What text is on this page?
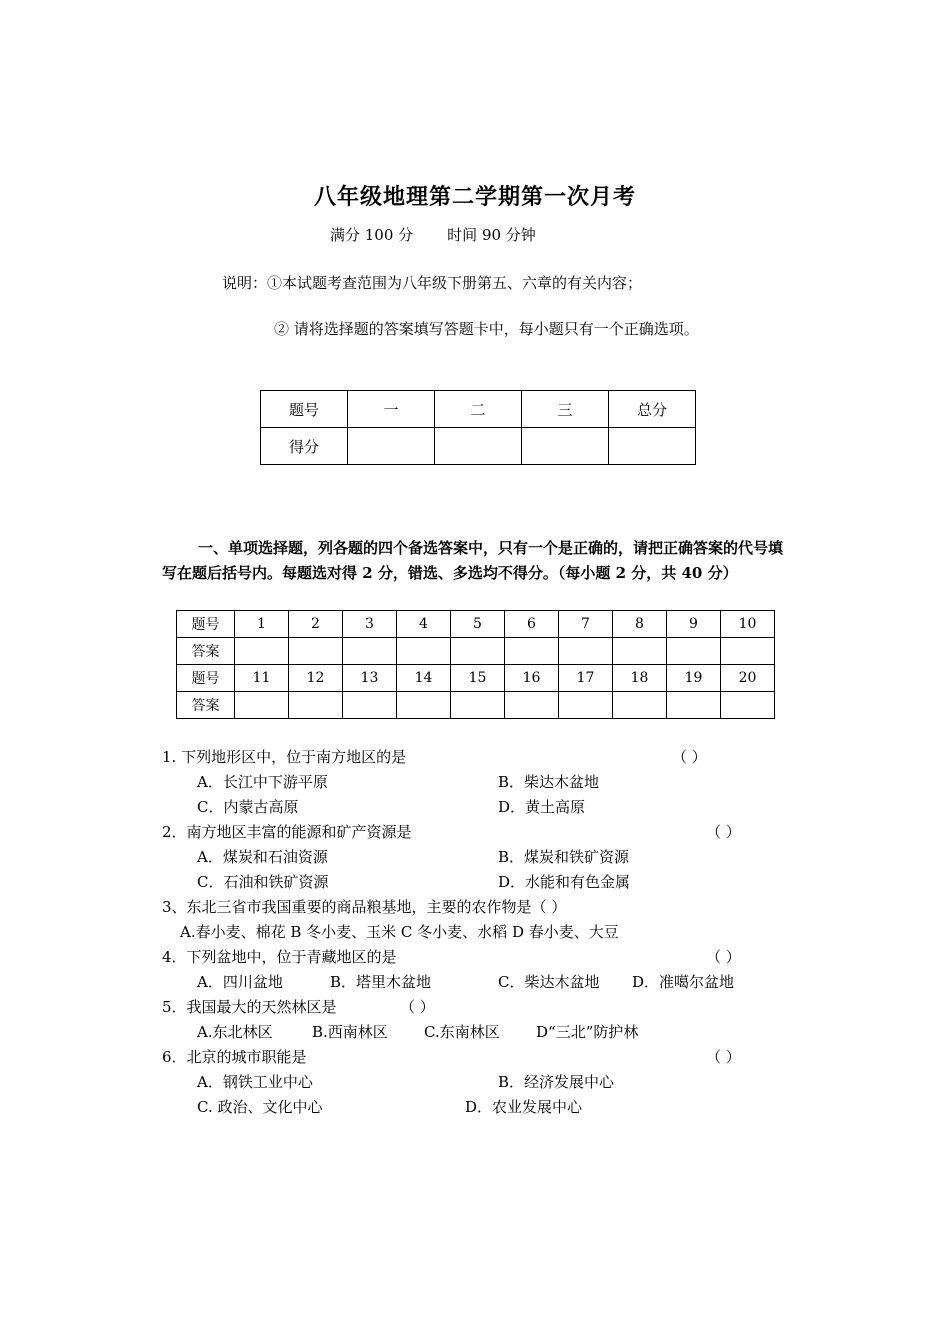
八年级地理第二学期第一次月考
满分 100 分 时间 90 分钟
说明：①本试题考查范围为八年级下册第五、六章的有关内容；
② 请将选择题的答案填写答题卡中，每小题只有一个正确选项。
题号	一	二	三	总分
得分				
一、单项选择题，列各题的四个备选答案中，只有一个是正确的，请把正确答案的代号填写在题后括号内。每题选对得 2 分，错选、多选均不得分。（每小题 2 分，共 40 分）
题号	1	2	3	4	5	6	7	8	9	10
答案										
题号	11	12	13	14	15	16	17	18	19	20
答案										
1. 下列地形区中，位于南方地区的是	（ ）
A．长江中下游平原	B．柴达木盆地
C．内蒙古高原	D．黄土高原
2．南方地区丰富的能源和矿产资源是	（ ）
A．煤炭和石油资源	B．煤炭和铁矿资源
C．石油和铁矿资源	D．水能和有色金属
3、东北三省市我国重要的商品粮基地，主要的农作物是（ ）
A.春小麦、棉花 B 冬小麦、玉米 C 冬小麦、水稻 D 春小麦、大豆
4．下列盆地中，位于青藏地区的是	（ ）
A．四川盆地	B．塔里木盆地	C．柴达木盆地 D．准噶尔盆地
5．我国最大的天然林区是	（ ）
A.东北林区	B.西南林区 C.东南林区 D“三北”防护林
6．北京的城市职能是	（ ）
A．钢铁工业中心	B．经济发展中心
C. 政治、文化中心	D．农业发展中心
